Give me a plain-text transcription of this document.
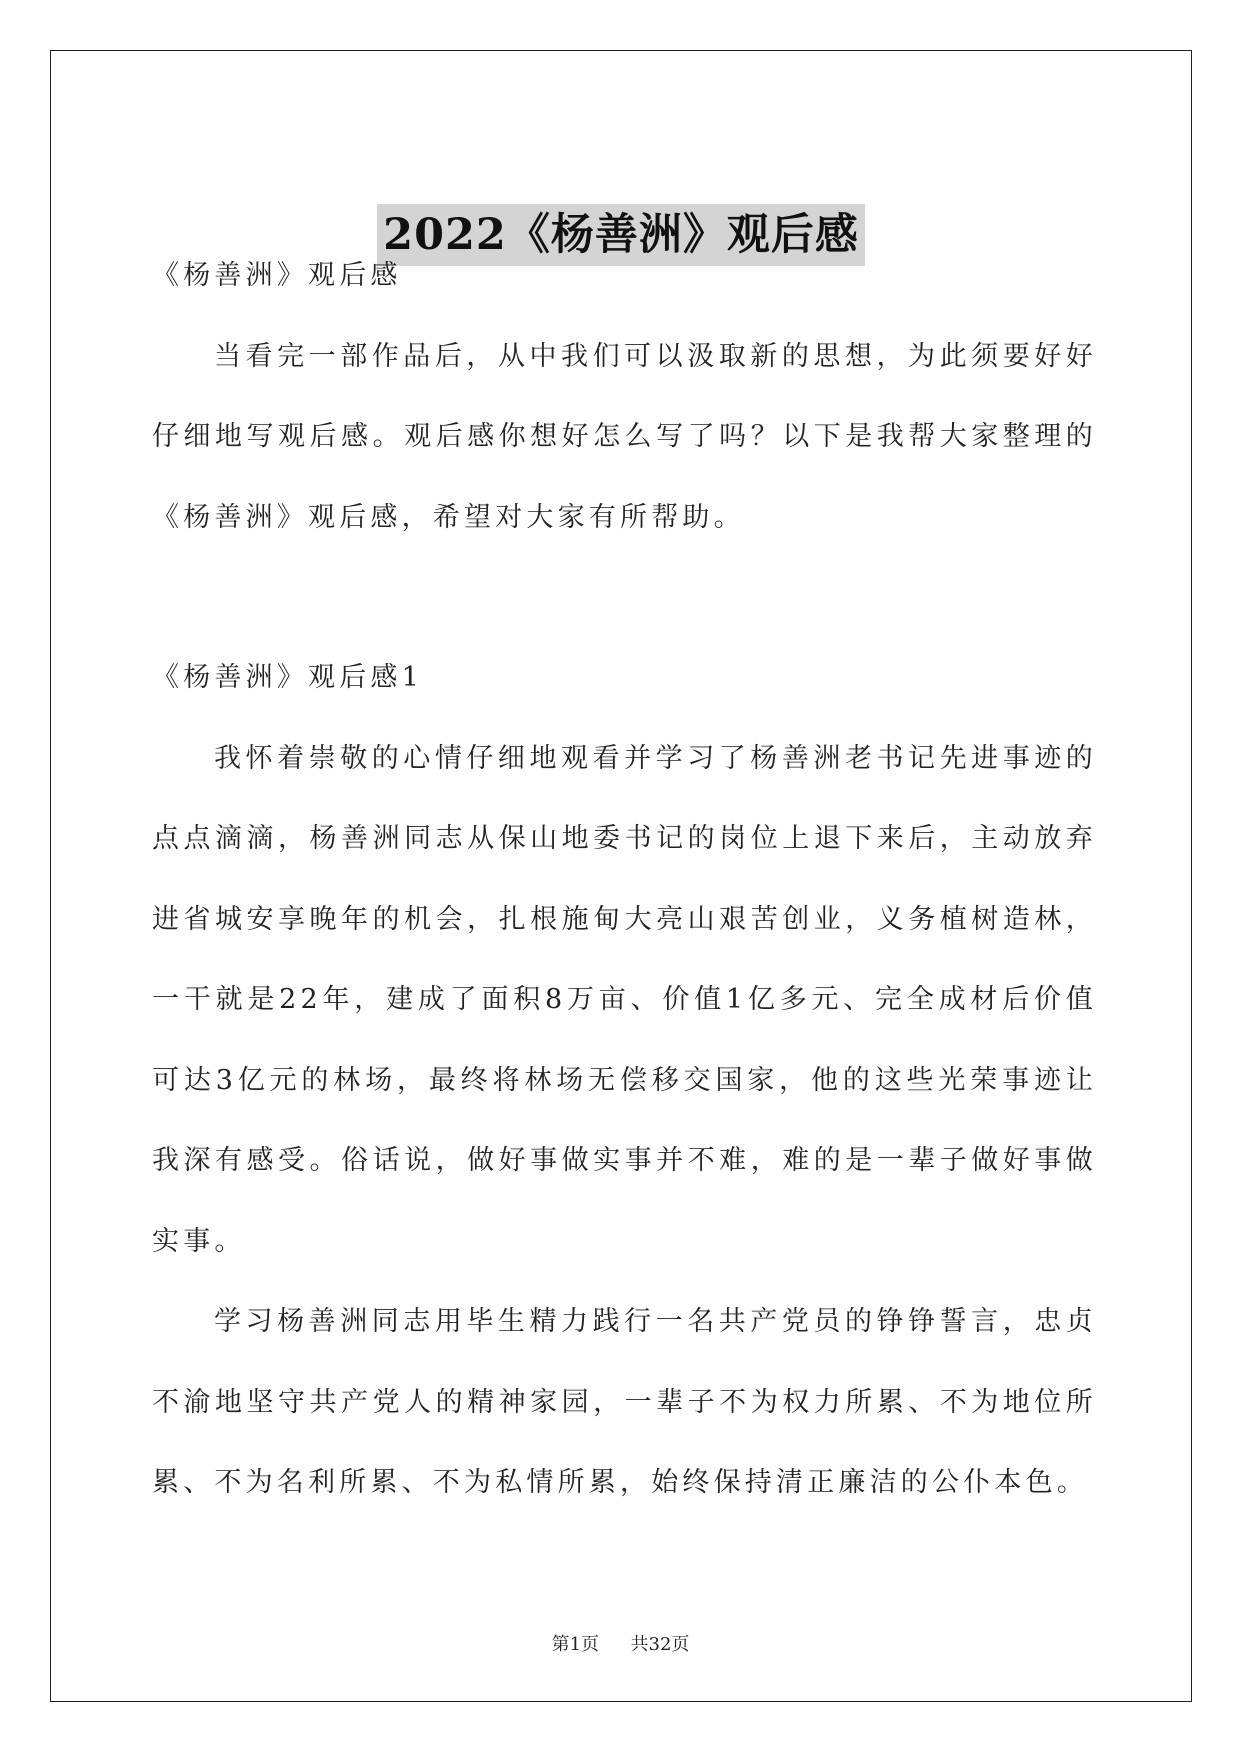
2022《杨善洲》观后感

《杨善洲》观后感

当看完一部作品后，从中我们可以汲取新的思想，为此须要好好仔细地写观后感。观后感你想好怎么写了吗？以下是我帮大家整理的《杨善洲》观后感，希望对大家有所帮助。

《杨善洲》观后感1

我怀着崇敬的心情仔细地观看并学习了杨善洲老书记先进事迹的点点滴滴，杨善洲同志从保山地委书记的岗位上退下来后，主动放弃进省城安享晚年的机会，扎根施甸大亮山艰苦创业，义务植树造林，一干就是22年，建成了面积8万亩、价值1亿多元、完全成材后价值可达3亿元的林场，最终将林场无偿移交国家，他的这些光荣事迹让我深有感受。俗话说，做好事做实事并不难，难的是一辈子做好事做实事。

学习杨善洲同志用毕生精力践行一名共产党员的铮铮誓言，忠贞不渝地坚守共产党人的精神家园，一辈子不为权力所累、不为地位所累、不为名利所累、不为私情所累，始终保持清正廉洁的公仆本色。

第1页 共32页
